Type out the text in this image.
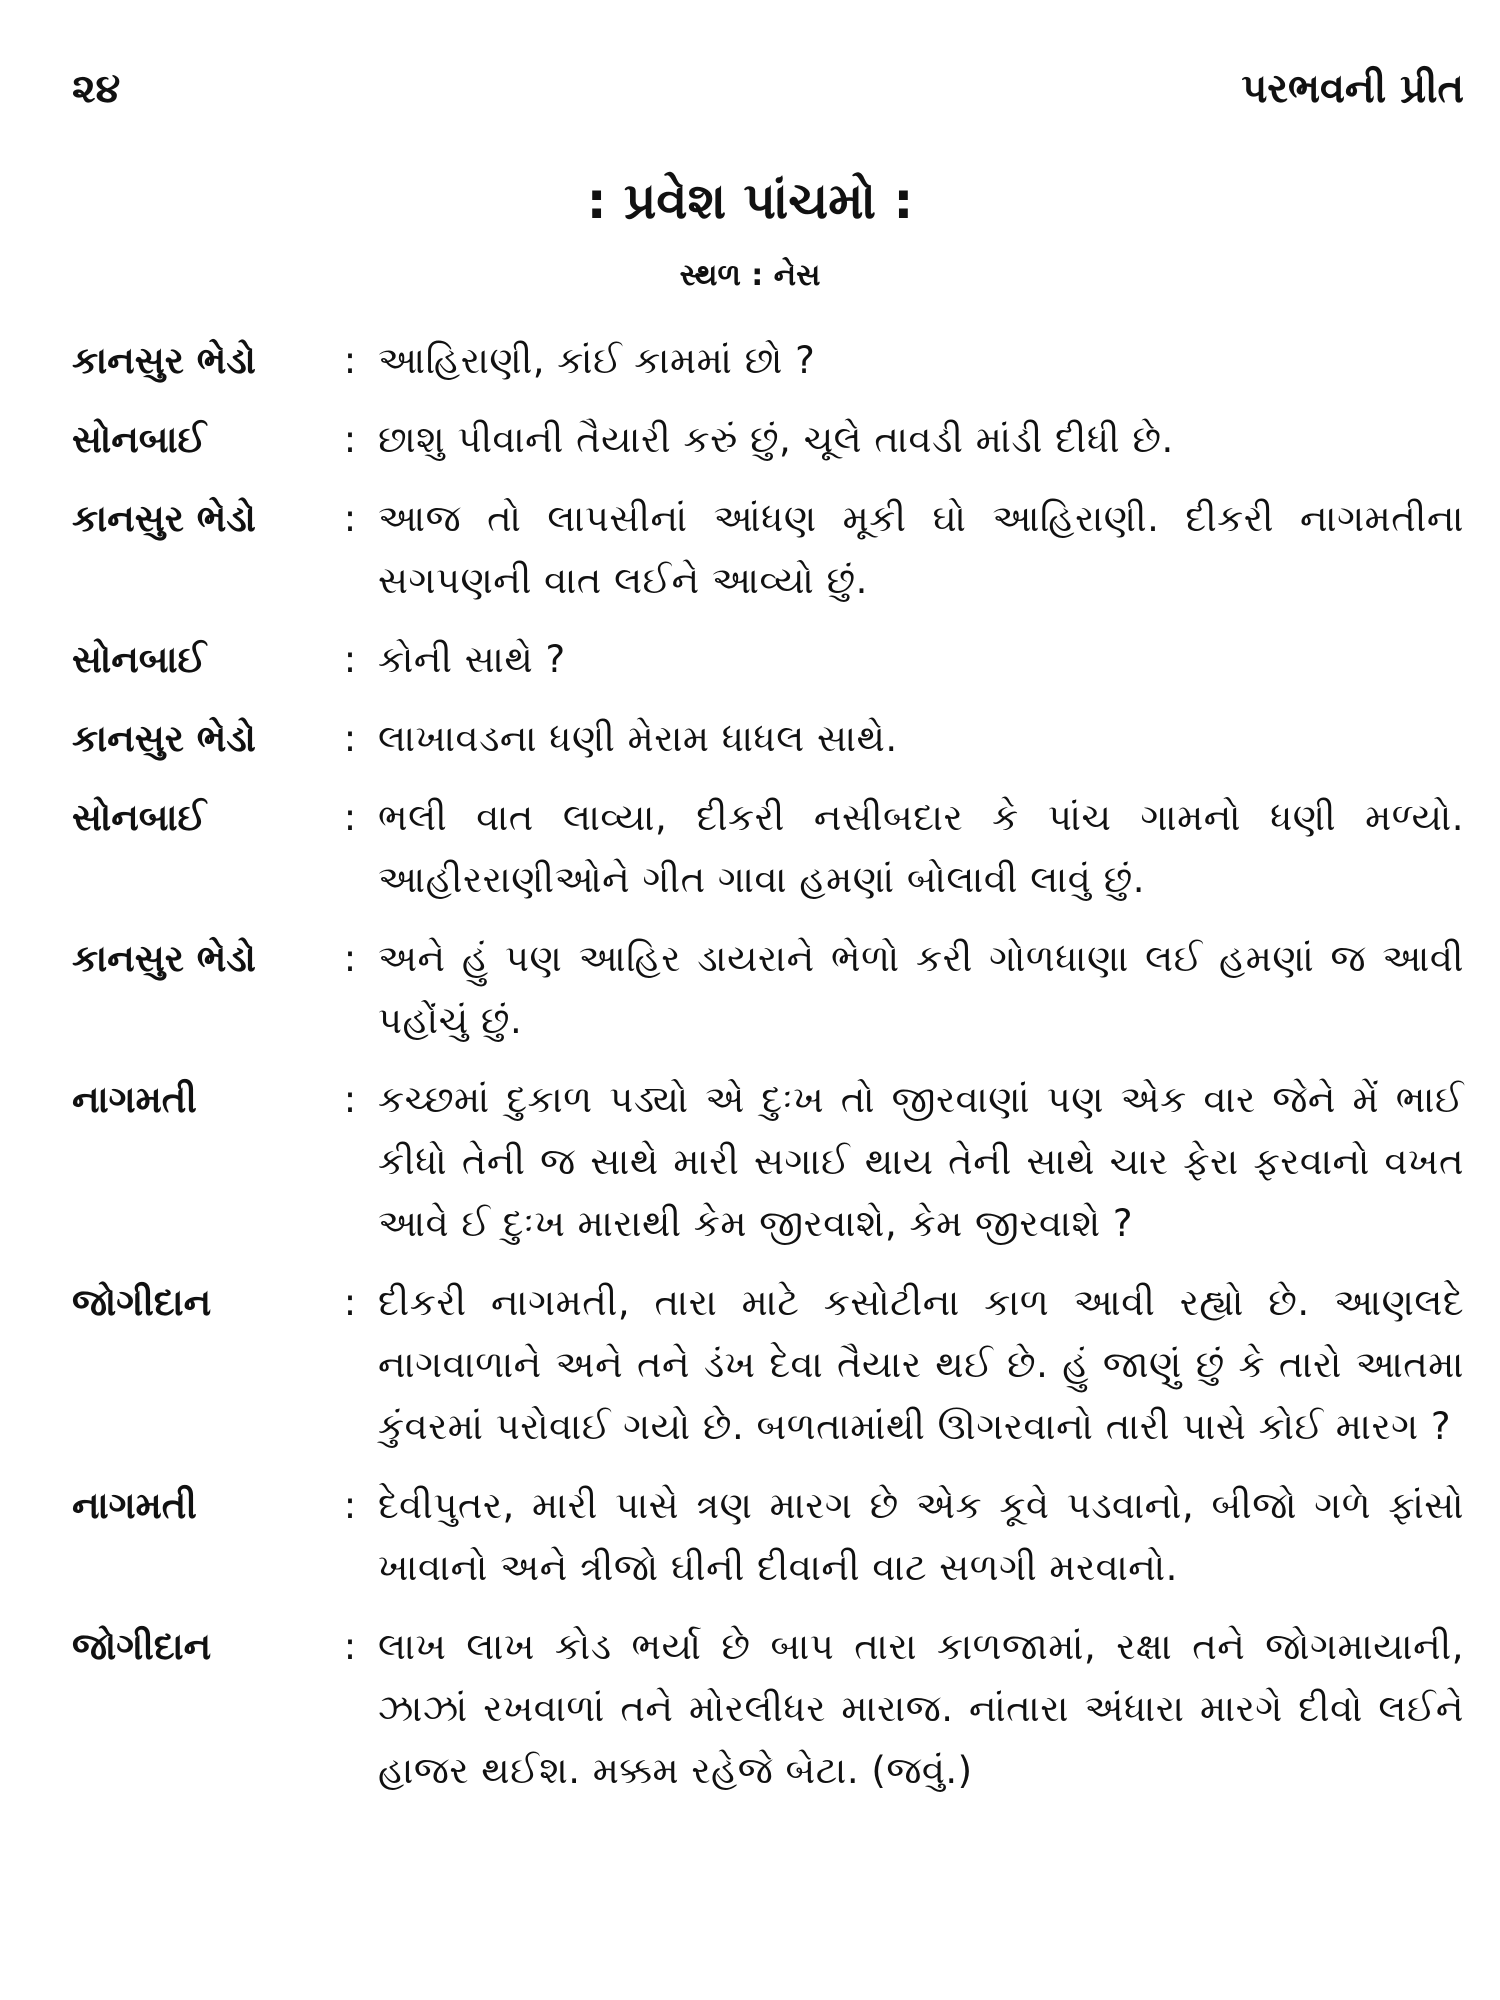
૨૪	પરભવની પ્રીત
: પ્રવેશ પાંચમો :
સ્થળ : નેસ
કાનસુર ભેડો	: આહિરાણી, કાંઈ કામમાં છો ?
સોનબાઈ	: છાશુ પીવાની તૈયારી કરું છું, ચૂલે તાવડી માંડી દીધી છે.
કાનસુર ભેડો	: આજ તો લાપસીનાં આંધણ મૂકી ઘો આહિરાણી. દીકરી નાગમતીના સગપણની વાત લઈને આવ્યો છું.
સોનબાઈ	: કોની સાથે ?
કાનસુર ભેડો	: લાખાવડના ધણી મેરામ ધાધલ સાથે.
સોનબાઈ	: ભલી વાત લાવ્યા, દીકરી નસીબદાર કે પાંચ ગામનો ધણી મળ્યો. આહીરરાણીઓને ગીત ગાવા હમણાં બોલાવી લાવું છું.
કાનસુર ભેડો	: અને હું પણ આહિર ડાયરાને ભેળો કરી ગોળધાણા લઈ હમણાં જ આવી પહોંચું છું.
નાગમતી	: કચ્છમાં દુકાળ પડ્યો એ દુઃખ તો જીરવાણાં પણ એક વાર જેને મેં ભાઈ કીધો તેની જ સાથે મારી સગાઈ થાય તેની સાથે ચાર ફેરા ફરવાનો વખત આવે ઈ દુઃખ મારાથી કેમ જીરવાશે, કેમ જીરવાશે ?
જોગીદાન	: દીકરી નાગમતી, તારા માટે કસોટીના કાળ આવી રહ્યો છે. આણલદે નાગવાળાને અને તને ડંખ દેવા તૈયાર થઈ છે. હું જાણું છું કે તારો આતમા કુંવરમાં પરોવાઈ ગયો છે. બળતામાંથી ઊગરવાનો તારી પાસે કોઈ મારગ ?
નાગમતી	: દેવીપુતર, મારી પાસે ત્રણ મારગ છે એક કૂવે પડવાનો, બીજો ગળે ફાંસો ખાવાનો અને ત્રીજો ઘીની દીવાની વાટ સળગી મરવાનો.
જોગીદાન	: લાખ લાખ કોડ ભર્યા છે બાપ તારા કાળજામાં, રક્ષા તને જોગમાયાની, ઝાઝાં રખવાળાં તને મોરલીધર મારાજ. નાંતારા અંધારા મારગે દીવો લઈને હાજર થઈશ. મક્કમ રહેજે બેટા. (જવું.)
